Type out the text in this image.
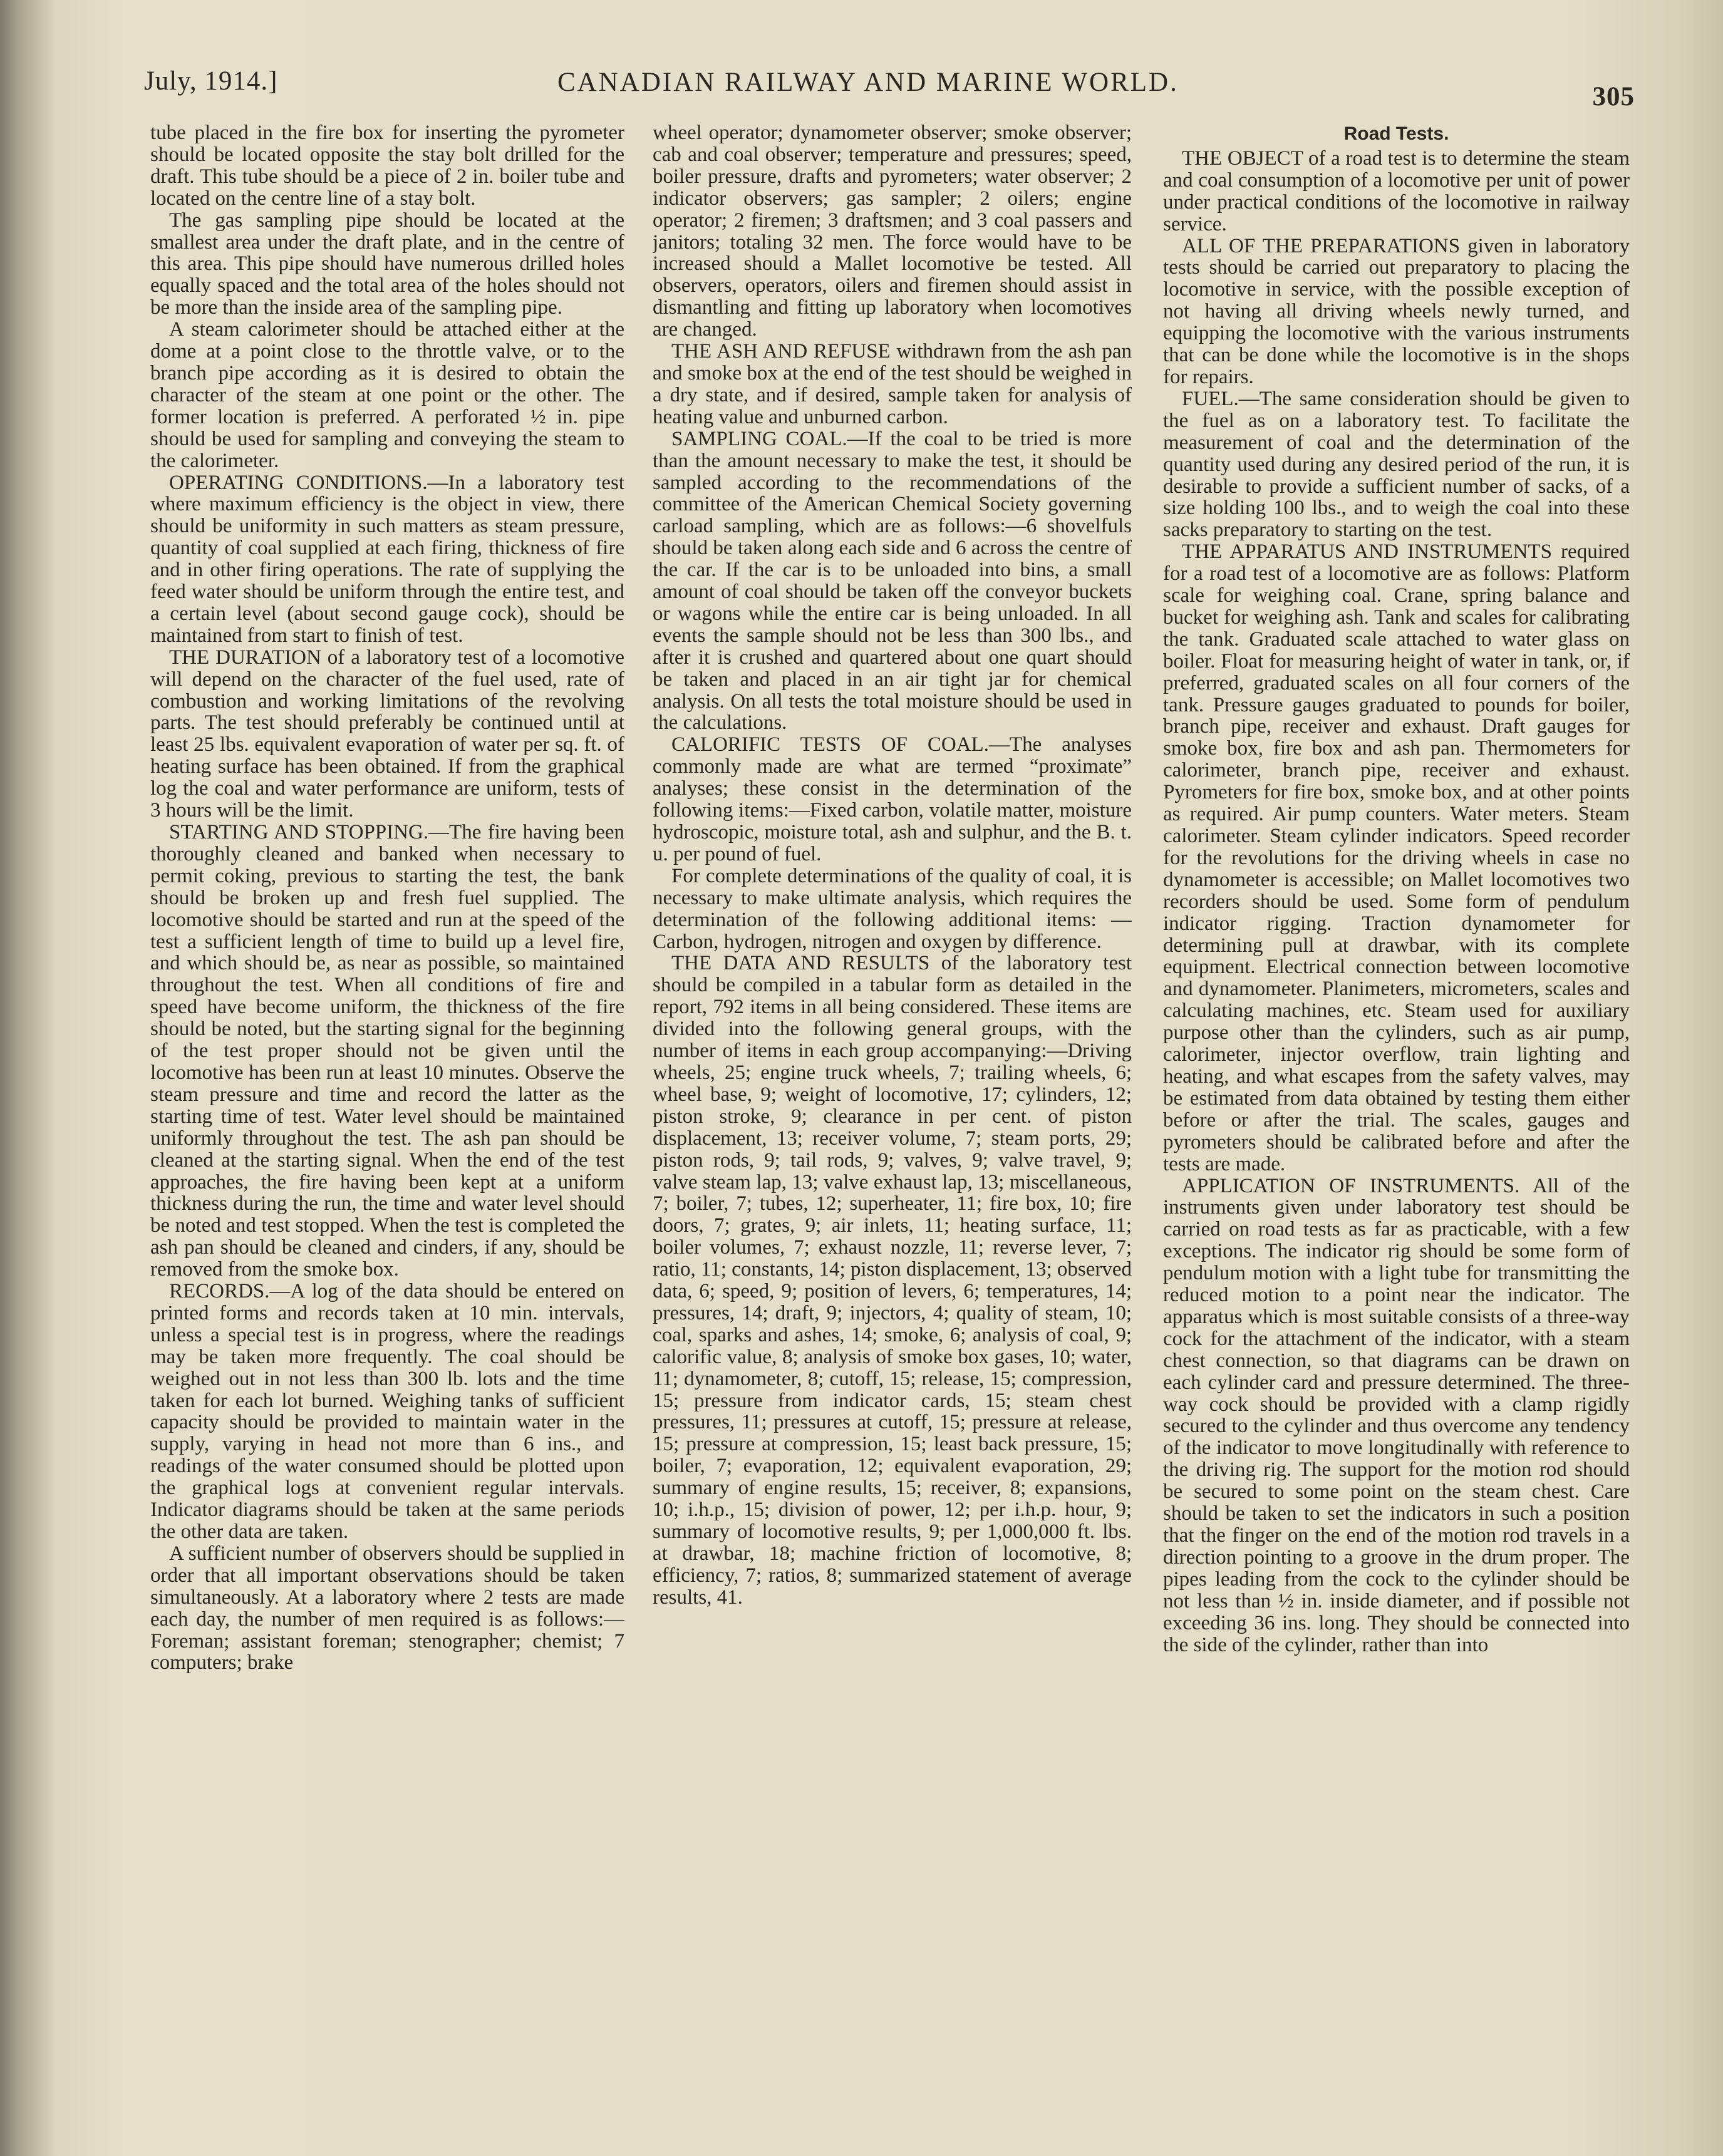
July, 1914.]	CANADIAN RAILWAY AND MARINE WORLD.	305

tube placed in the fire box for inserting the pyrometer should be located opposite the stay bolt drilled for the draft. This tube should be a piece of 2 in. boiler tube and located on the centre line of a stay bolt.

The gas sampling pipe should be located at the smallest area under the draft plate, and in the centre of this area. This pipe should have numerous drilled holes equally spaced and the total area of the holes should not be more than the inside area of the sampling pipe.

A steam calorimeter should be attached either at the dome at a point close to the throttle valve, or to the branch pipe according as it is desired to obtain the character of the steam at one point or the other. The former location is preferred. A perforated ½ in. pipe should be used for sampling and conveying the steam to the calorimeter.

OPERATING CONDITIONS.—In a laboratory test where maximum efficiency is the object in view, there should be uniformity in such matters as steam pressure, quantity of coal supplied at each firing, thickness of fire and in other firing operations. The rate of supplying the feed water should be uniform through the entire test, and a certain level (about second gauge cock), should be maintained from start to finish of test.

THE DURATION of a laboratory test of a locomotive will depend on the character of the fuel used, rate of combustion and working limitations of the revolving parts. The test should preferably be continued until at least 25 lbs. equivalent evaporation of water per sq. ft. of heating surface has been obtained. If from the graphical log the coal and water performance are uniform, tests of 3 hours will be the limit.

STARTING AND STOPPING.—The fire having been thoroughly cleaned and banked when necessary to permit coking, previous to starting the test, the bank should be broken up and fresh fuel supplied. The locomotive should be started and run at the speed of the test a sufficient length of time to build up a level fire, and which should be, as near as possible, so maintained throughout the test. When all conditions of fire and speed have become uniform, the thickness of the fire should be noted, but the starting signal for the beginning of the test proper should not be given until the locomotive has been run at least 10 minutes. Observe the steam pressure and time and record the latter as the starting time of test. Water level should be maintained uniformly throughout the test. The ash pan should be cleaned at the starting signal. When the end of the test approaches, the fire having been kept at a uniform thickness during the run, the time and water level should be noted and test stopped. When the test is completed the ash pan should be cleaned and cinders, if any, should be removed from the smoke box.

RECORDS.—A log of the data should be entered on printed forms and records taken at 10 min. intervals, unless a special test is in progress, where the readings may be taken more frequently. The coal should be weighed out in not less than 300 lb. lots and the time taken for each lot burned. Weighing tanks of sufficient capacity should be provided to maintain water in the supply, varying in head not more than 6 ins., and readings of the water consumed should be plotted upon the graphical logs at convenient regular intervals. Indicator diagrams should be taken at the same periods the other data are taken.

A sufficient number of observers should be supplied in order that all important observations should be taken simultaneously. At a laboratory where 2 tests are made each day, the number of men required is as follows:—Foreman; assistant foreman; stenographer; chemist; 7 computers; brake

wheel operator; dynamometer observer; smoke observer; cab and coal observer; temperature and pressures; speed, boiler pressure, drafts and pyrometers; water observer; 2 indicator observers; gas sampler; 2 oilers; engine operator; 2 firemen; 3 draftsmen; and 3 coal passers and janitors; totaling 32 men. The force would have to be increased should a Mallet locomotive be tested. All observers, operators, oilers and firemen should assist in dismantling and fitting up laboratory when locomotives are changed.

THE ASH AND REFUSE withdrawn from the ash pan and smoke box at the end of the test should be weighed in a dry state, and if desired, sample taken for analysis of heating value and unburned carbon.

SAMPLING COAL.—If the coal to be tried is more than the amount necessary to make the test, it should be sampled according to the recommendations of the committee of the American Chemical Society governing carload sampling, which are as follows:—6 shovelfuls should be taken along each side and 6 across the centre of the car. If the car is to be unloaded into bins, a small amount of coal should be taken off the conveyor buckets or wagons while the entire car is being unloaded. In all events the sample should not be less than 300 lbs., and after it is crushed and quartered about one quart should be taken and placed in an air tight jar for chemical analysis. On all tests the total moisture should be used in the calculations.

CALORIFIC TESTS OF COAL.—The analyses commonly made are what are termed “proximate” analyses; these consist in the determination of the following items:—Fixed carbon, volatile matter, moisture hydroscopic, moisture total, ash and sulphur, and the B. t. u. per pound of fuel.

For complete determinations of the quality of coal, it is necessary to make ultimate analysis, which requires the determination of the following additional items: —Carbon, hydrogen, nitrogen and oxygen by difference.

THE DATA AND RESULTS of the laboratory test should be compiled in a tabular form as detailed in the report, 792 items in all being considered. These items are divided into the following general groups, with the number of items in each group accompanying:—Driving wheels, 25; engine truck wheels, 7; trailing wheels, 6; wheel base, 9; weight of locomotive, 17; cylinders, 12; piston stroke, 9; clearance in per cent. of piston displacement, 13; receiver volume, 7; steam ports, 29; piston rods, 9; tail rods, 9; valves, 9; valve travel, 9; valve steam lap, 13; valve exhaust lap, 13; miscellaneous, 7; boiler, 7; tubes, 12; superheater, 11; fire box, 10; fire doors, 7; grates, 9; air inlets, 11; heating surface, 11; boiler volumes, 7; exhaust nozzle, 11; reverse lever, 7; ratio, 11; constants, 14; piston displacement, 13; observed data, 6; speed, 9; position of levers, 6; temperatures, 14; pressures, 14; draft, 9; injectors, 4; quality of steam, 10; coal, sparks and ashes, 14; smoke, 6; analysis of coal, 9; calorific value, 8; analysis of smoke box gases, 10; water, 11; dynamometer, 8; cutoff, 15; release, 15; compression, 15; pressure from indicator cards, 15; steam chest pressures, 11; pressures at cutoff, 15; pressure at release, 15; pressure at compression, 15; least back pressure, 15; boiler, 7; evaporation, 12; equivalent evaporation, 29; summary of engine results, 15; receiver, 8; expansions, 10; i.h.p., 15; division of power, 12; per i.h.p. hour, 9; summary of locomotive results, 9; per 1,000,000 ft. lbs. at drawbar, 18; machine friction of locomotive, 8; efficiency, 7; ratios, 8; summarized statement of average results, 41.

Road Tests.

THE OBJECT of a road test is to determine the steam and coal consumption of a locomotive per unit of power under practical conditions of the locomotive in railway service.

ALL OF THE PREPARATIONS given in laboratory tests should be carried out preparatory to placing the locomotive in service, with the possible exception of not having all driving wheels newly turned, and equipping the locomotive with the various instruments that can be done while the locomotive is in the shops for repairs.

FUEL.—The same consideration should be given to the fuel as on a laboratory test. To facilitate the measurement of coal and the determination of the quantity used during any desired period of the run, it is desirable to provide a sufficient number of sacks, of a size holding 100 lbs., and to weigh the coal into these sacks preparatory to starting on the test.

THE APPARATUS AND INSTRUMENTS required for a road test of a locomotive are as follows: Platform scale for weighing coal. Crane, spring balance and bucket for weighing ash. Tank and scales for calibrating the tank. Graduated scale attached to water glass on boiler. Float for measuring height of water in tank, or, if preferred, graduated scales on all four corners of the tank. Pressure gauges graduated to pounds for boiler, branch pipe, receiver and exhaust. Draft gauges for smoke box, fire box and ash pan. Thermometers for calorimeter, branch pipe, receiver and exhaust. Pyrometers for fire box, smoke box, and at other points as required. Air pump counters. Water meters. Steam calorimeter. Steam cylinder indicators. Speed recorder for the revolutions for the driving wheels in case no dynamometer is accessible; on Mallet locomotives two recorders should be used. Some form of pendulum indicator rigging. Traction dynamometer for determining pull at drawbar, with its complete equipment. Electrical connection between locomotive and dynamometer. Planimeters, micrometers, scales and calculating machines, etc. Steam used for auxiliary purpose other than the cylinders, such as air pump, calorimeter, injector overflow, train lighting and heating, and what escapes from the safety valves, may be estimated from data obtained by testing them either before or after the trial. The scales, gauges and pyrometers should be calibrated before and after the tests are made.

APPLICATION OF INSTRUMENTS. All of the instruments given under laboratory test should be carried on road tests as far as practicable, with a few exceptions. The indicator rig should be some form of pendulum motion with a light tube for transmitting the reduced motion to a point near the indicator. The apparatus which is most suitable consists of a three-way cock for the attachment of the indicator, with a steam chest connection, so that diagrams can be drawn on each cylinder card and pressure determined. The three-way cock should be provided with a clamp rigidly secured to the cylinder and thus overcome any tendency of the indicator to move longitudinally with reference to the driving rig. The support for the motion rod should be secured to some point on the steam chest. Care should be taken to set the indicators in such a position that the finger on the end of the motion rod travels in a direction pointing to a groove in the drum proper. The pipes leading from the cock to the cylinder should be not less than ½ in. inside diameter, and if possible not exceeding 36 ins. long. They should be connected into the side of the cylinder, rather than into
